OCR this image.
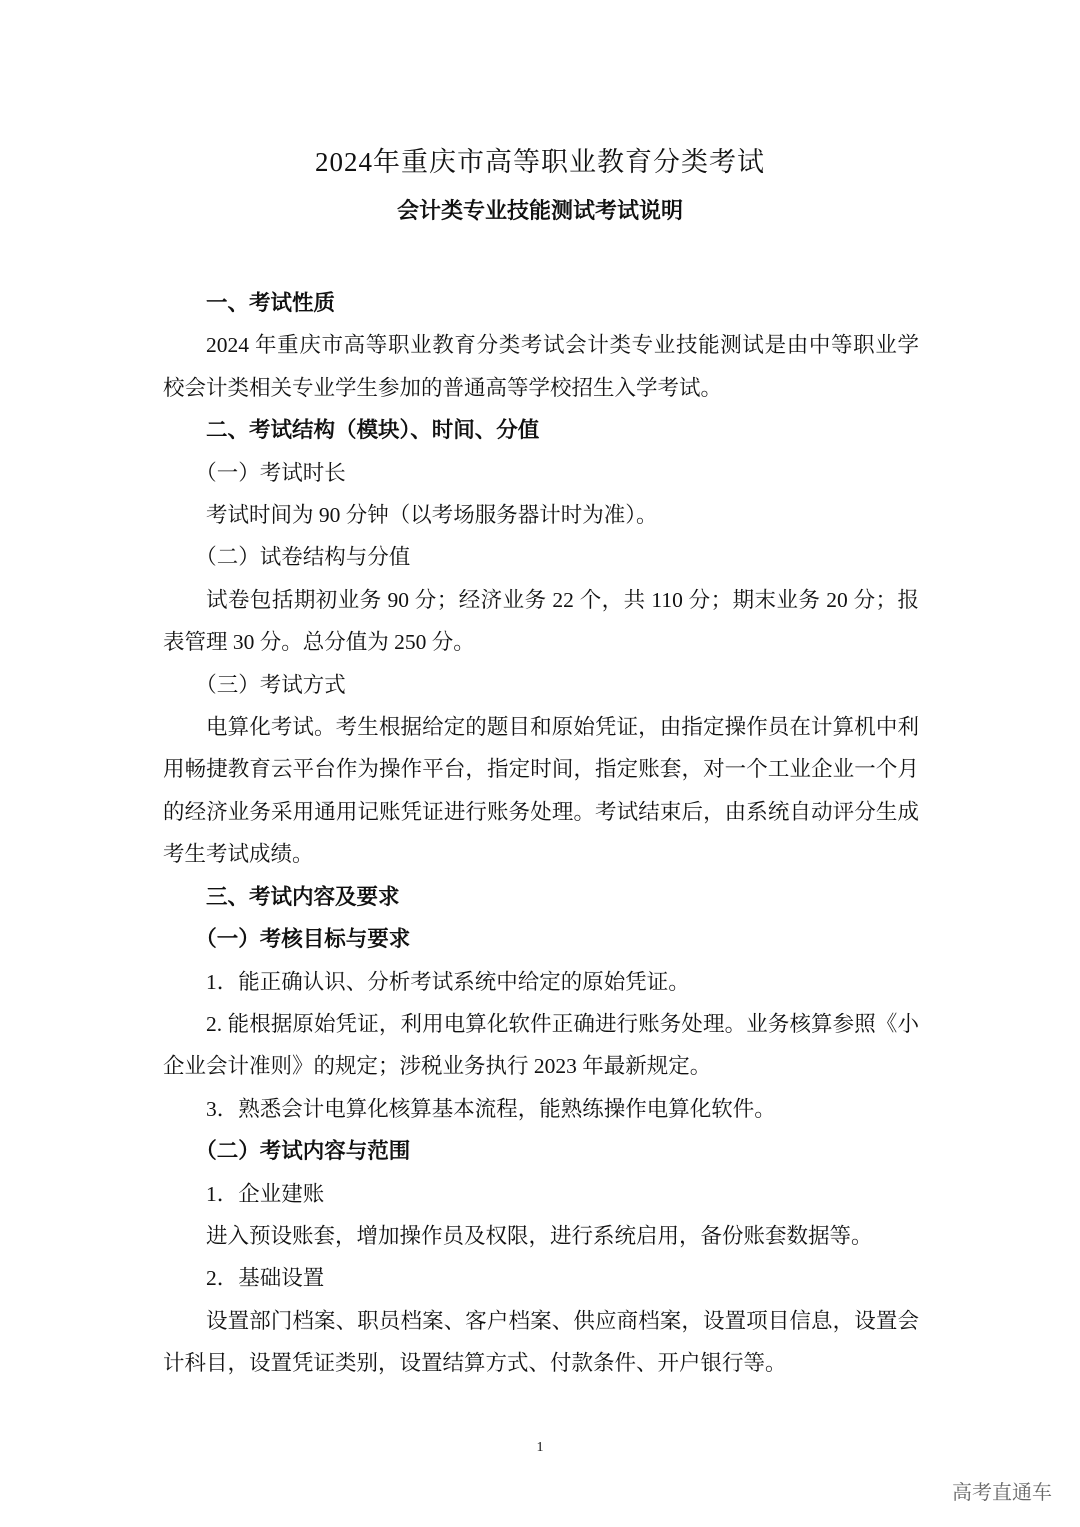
2024年重庆市高等职业教育分类考试
会计类专业技能测试考试说明

一、考试性质

2024 年重庆市高等职业教育分类考试会计类专业技能测试是由中等职业学校会计类相关专业学生参加的普通高等学校招生入学考试。

二、考试结构（模块）、时间、分值

（一）考试时长

考试时间为 90 分钟（以考场服务器计时为准）。

（二）试卷结构与分值

试卷包括期初业务 90 分；经济业务 22 个，共 110 分；期末业务 20 分；报表管理 30 分。总分值为 250 分。

（三）考试方式

电算化考试。考生根据给定的题目和原始凭证，由指定操作员在计算机中利用畅捷教育云平台作为操作平台，指定时间，指定账套，对一个工业企业一个月的经济业务采用通用记账凭证进行账务处理。考试结束后，由系统自动评分生成考生考试成绩。

三、考试内容及要求

（一）考核目标与要求

1．能正确认识、分析考试系统中给定的原始凭证。

2. 能根据原始凭证，利用电算化软件正确进行账务处理。业务核算参照《小企业会计准则》的规定；涉税业务执行 2023 年最新规定。

3．熟悉会计电算化核算基本流程，能熟练操作电算化软件。

（二）考试内容与范围

1．企业建账

进入预设账套，增加操作员及权限，进行系统启用，备份账套数据等。

2．基础设置

设置部门档案、职员档案、客户档案、供应商档案，设置项目信息，设置会计科目，设置凭证类别，设置结算方式、付款条件、开户银行等。

1
高考直通车
